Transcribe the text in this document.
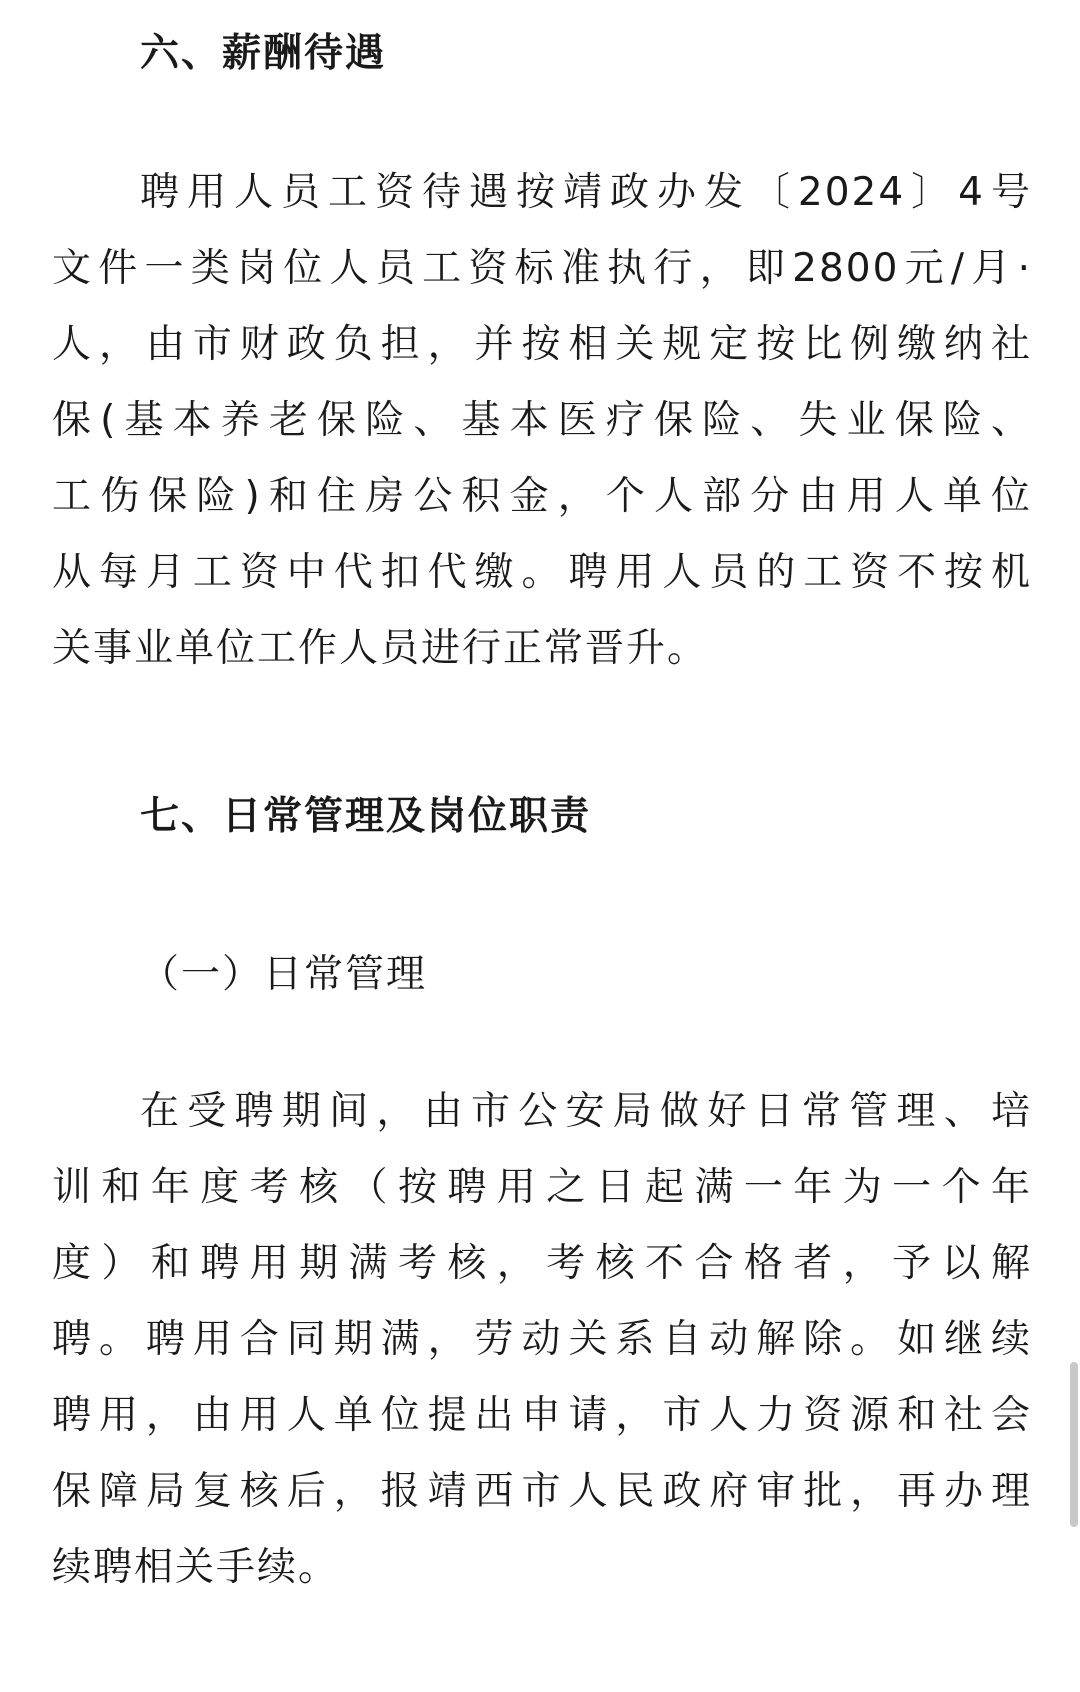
六、薪酬待遇
聘用人员工资待遇按靖政办发〔2024〕4号
文件一类岗位人员工资标准执行，即2800元/月·
人，由市财政负担，并按相关规定按比例缴纳社
保(基本养老保险、基本医疗保险、失业保险、
工伤保险)和住房公积金，个人部分由用人单位
从每月工资中代扣代缴。聘用人员的工资不按机
关事业单位工作人员进行正常晋升。
七、日常管理及岗位职责
（一）日常管理
在受聘期间，由市公安局做好日常管理、培
训和年度考核（按聘用之日起满一年为一个年
度）和聘用期满考核，考核不合格者，予以解
聘。聘用合同期满，劳动关系自动解除。如继续
聘用，由用人单位提出申请，市人力资源和社会
保障局复核后，报靖西市人民政府审批，再办理
续聘相关手续。
